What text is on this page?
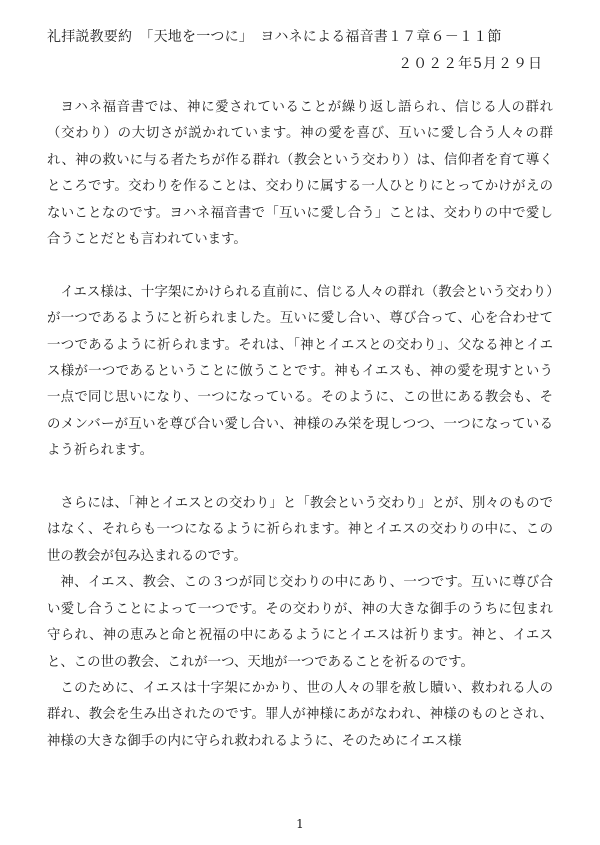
礼拝説教要約　「天地を一つに」　ヨハネによる福音書１７章６－１１節
２０２２年5月２９日

ヨハネ福音書では、神に愛されていることが繰り返し語られ、信じる人の群れ（交わり）の大切さが説かれています。神の愛を喜び、互いに愛し合う人々の群れ、神の救いに与る者たちが作る群れ（教会という交わり）は、信仰者を育て導くところです。交わりを作ることは、交わりに属する一人ひとりにとってかけがえのないことなのです。ヨハネ福音書で「互いに愛し合う」ことは、交わりの中で愛し合うことだとも言われています。

イエス様は、十字架にかけられる直前に、信じる人々の群れ（教会という交わり）が一つであるようにと祈られました。互いに愛し合い、尊び合って、心を合わせて一つであるように祈られます。それは、「神とイエスとの交わり」、父なる神とイエス様が一つであるということに倣うことです。神もイエスも、神の愛を現すという一点で同じ思いになり、一つになっている。そのように、この世にある教会も、そのメンバーが互いを尊び合い愛し合い、神様のみ栄を現しつつ、一つになっているよう祈られます。

さらには、「神とイエスとの交わり」と「教会という交わり」とが、別々のものではなく、それらも一つになるように祈られます。神とイエスの交わりの中に、この世の教会が包み込まれるのです。

神、イエス、教会、この３つが同じ交わりの中にあり、一つです。互いに尊び合い愛し合うことによって一つです。その交わりが、神の大きな御手のうちに包まれ守られ、神の恵みと命と祝福の中にあるようにとイエスは祈ります。神と、イエスと、この世の教会、これが一つ、天地が一つであることを祈るのです。

このために、イエスは十字架にかかり、世の人々の罪を赦し贖い、救われる人の群れ、教会を生み出されたのです。罪人が神様にあがなわれ、神様のものとされ、神様の大きな御手の内に守られ救われるように、そのためにイエス様

1
